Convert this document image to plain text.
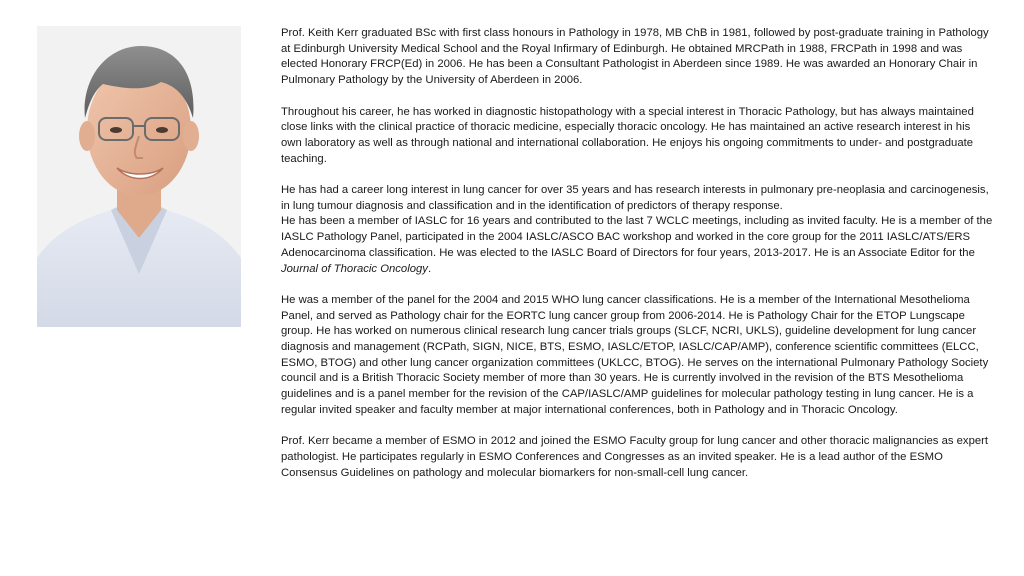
Prof. Keith Kerr graduated BSc with first class honours in Pathology in 1978, MB ChB in 1981, followed by post-graduate training in Pathology at Edinburgh University Medical School and the Royal Infirmary of Edinburgh. He obtained MRCPath in 1988, FRCPath in 1998 and was elected Honorary FRCP(Ed) in 2006. He has been a Consultant Pathologist in Aberdeen since 1989. He was awarded an Honorary Chair in Pulmonary Pathology by the University of Aberdeen in 2006.

Throughout his career, he has worked in diagnostic histopathology with a special interest in Thoracic Pathology, but has always maintained close links with the clinical practice of thoracic medicine, especially thoracic oncology. He has maintained an active research interest in his own laboratory as well as through national and international collaboration. He enjoys his ongoing commitments to under- and postgraduate teaching.

He has had a career long interest in lung cancer for over 35 years and has research interests in pulmonary pre-neoplasia and carcinogenesis, in lung tumour diagnosis and classification and in the identification of predictors of therapy response.

He has been a member of IASLC for 16 years and contributed to the last 7 WCLC meetings, including as invited faculty. He is a member of the IASLC Pathology Panel, participated in the 2004 IASLC/ASCO BAC workshop and worked in the core group for the 2011 IASLC/ATS/ERS Adenocarcinoma classification. He was elected to the IASLC Board of Directors for four years, 2013-2017. He is an Associate Editor for the Journal of Thoracic Oncology.

He was a member of the panel for the 2004 and 2015 WHO lung cancer classifications. He is a member of the International Mesothelioma Panel, and served as Pathology chair for the EORTC lung cancer group from 2006-2014. He is Pathology Chair for the ETOP Lungscape group. He has worked on numerous clinical research lung cancer trials groups (SLCF, NCRI, UKLS), guideline development for lung cancer diagnosis and management (RCPath, SIGN, NICE, BTS, ESMO, IASLC/ETOP, IASLC/CAP/AMP), conference scientific committees (ELCC, ESMO, BTOG) and other lung cancer organization committees (UKLCC, BTOG). He serves on the international Pulmonary Pathology Society council and is a British Thoracic Society member of more than 30 years. He is currently involved in the revision of the BTS Mesothelioma guidelines and is a panel member for the revision of the CAP/IASLC/AMP guidelines for molecular pathology testing in lung cancer. He is a regular invited speaker and faculty member at major international conferences, both in Pathology and in Thoracic Oncology.

Prof. Kerr became a member of ESMO in 2012 and joined the ESMO Faculty group for lung cancer and other thoracic malignancies as expert pathologist. He participates regularly in ESMO Conferences and Congresses as an invited speaker. He is a lead author of the ESMO Consensus Guidelines on pathology and molecular biomarkers for non-small-cell lung cancer.
